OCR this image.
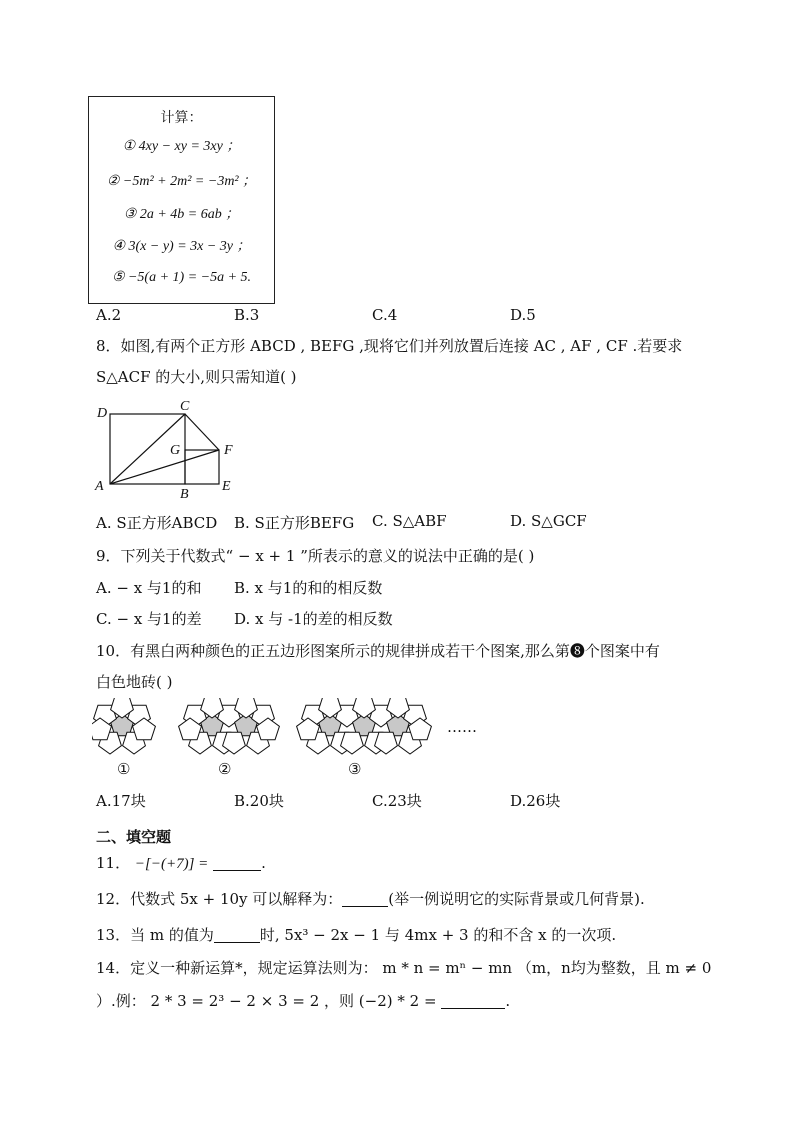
计算：
① 4xy − xy = 3xy ；
② −5m² + 2m² = −3m² ；
③ 2a + 4b = 6ab ；
④ 3(x − y) = 3x − 3y ；
⑤ −5(a + 1) = −5a + 5.
A.2	B.3	C.4	D.5
8．如图,有两个正方形 ABCD , BEFG ,现将它们并列放置后连接 AC , AF , CF .若要求
S△ACF 的大小,则只需知道( )
D	C
G	F
A
B
E
A. S正方形ABCD B. S正方形BEFG C. S△ABF	D. S△GCF
9．下列关于代数式“ − x + 1 ”所表示的意义的说法中正确的是( )
A. − x 与1的和 B. x 与1的和的相反数
C. − x 与1的差 D. x 与 -1的差的相反数
10．有黑白两种颜色的正五边形图案所示的规律拼成若干个图案,那么第❽个图案中有
白色地砖( )
①	②	③
……
A.17块	B.20块	C.23块	D.26块
二、填空题
11． −[−(+7)] =	.
12．代数式 5x + 10y 可以解释为：	(举一例说明它的实际背景或几何背景).
13．当 m 的值为	时, 5x³ − 2x − 1 与 4mx + 3 的和不含 x 的一次项.
14．定义一种新运算*，规定运算法则为： m * n = mⁿ − mn （m，n均为整数，且 m ≠ 0
）.例： 2 * 3 = 2³ − 2 × 3 = 2 ，则 (−2) * 2 =	.
